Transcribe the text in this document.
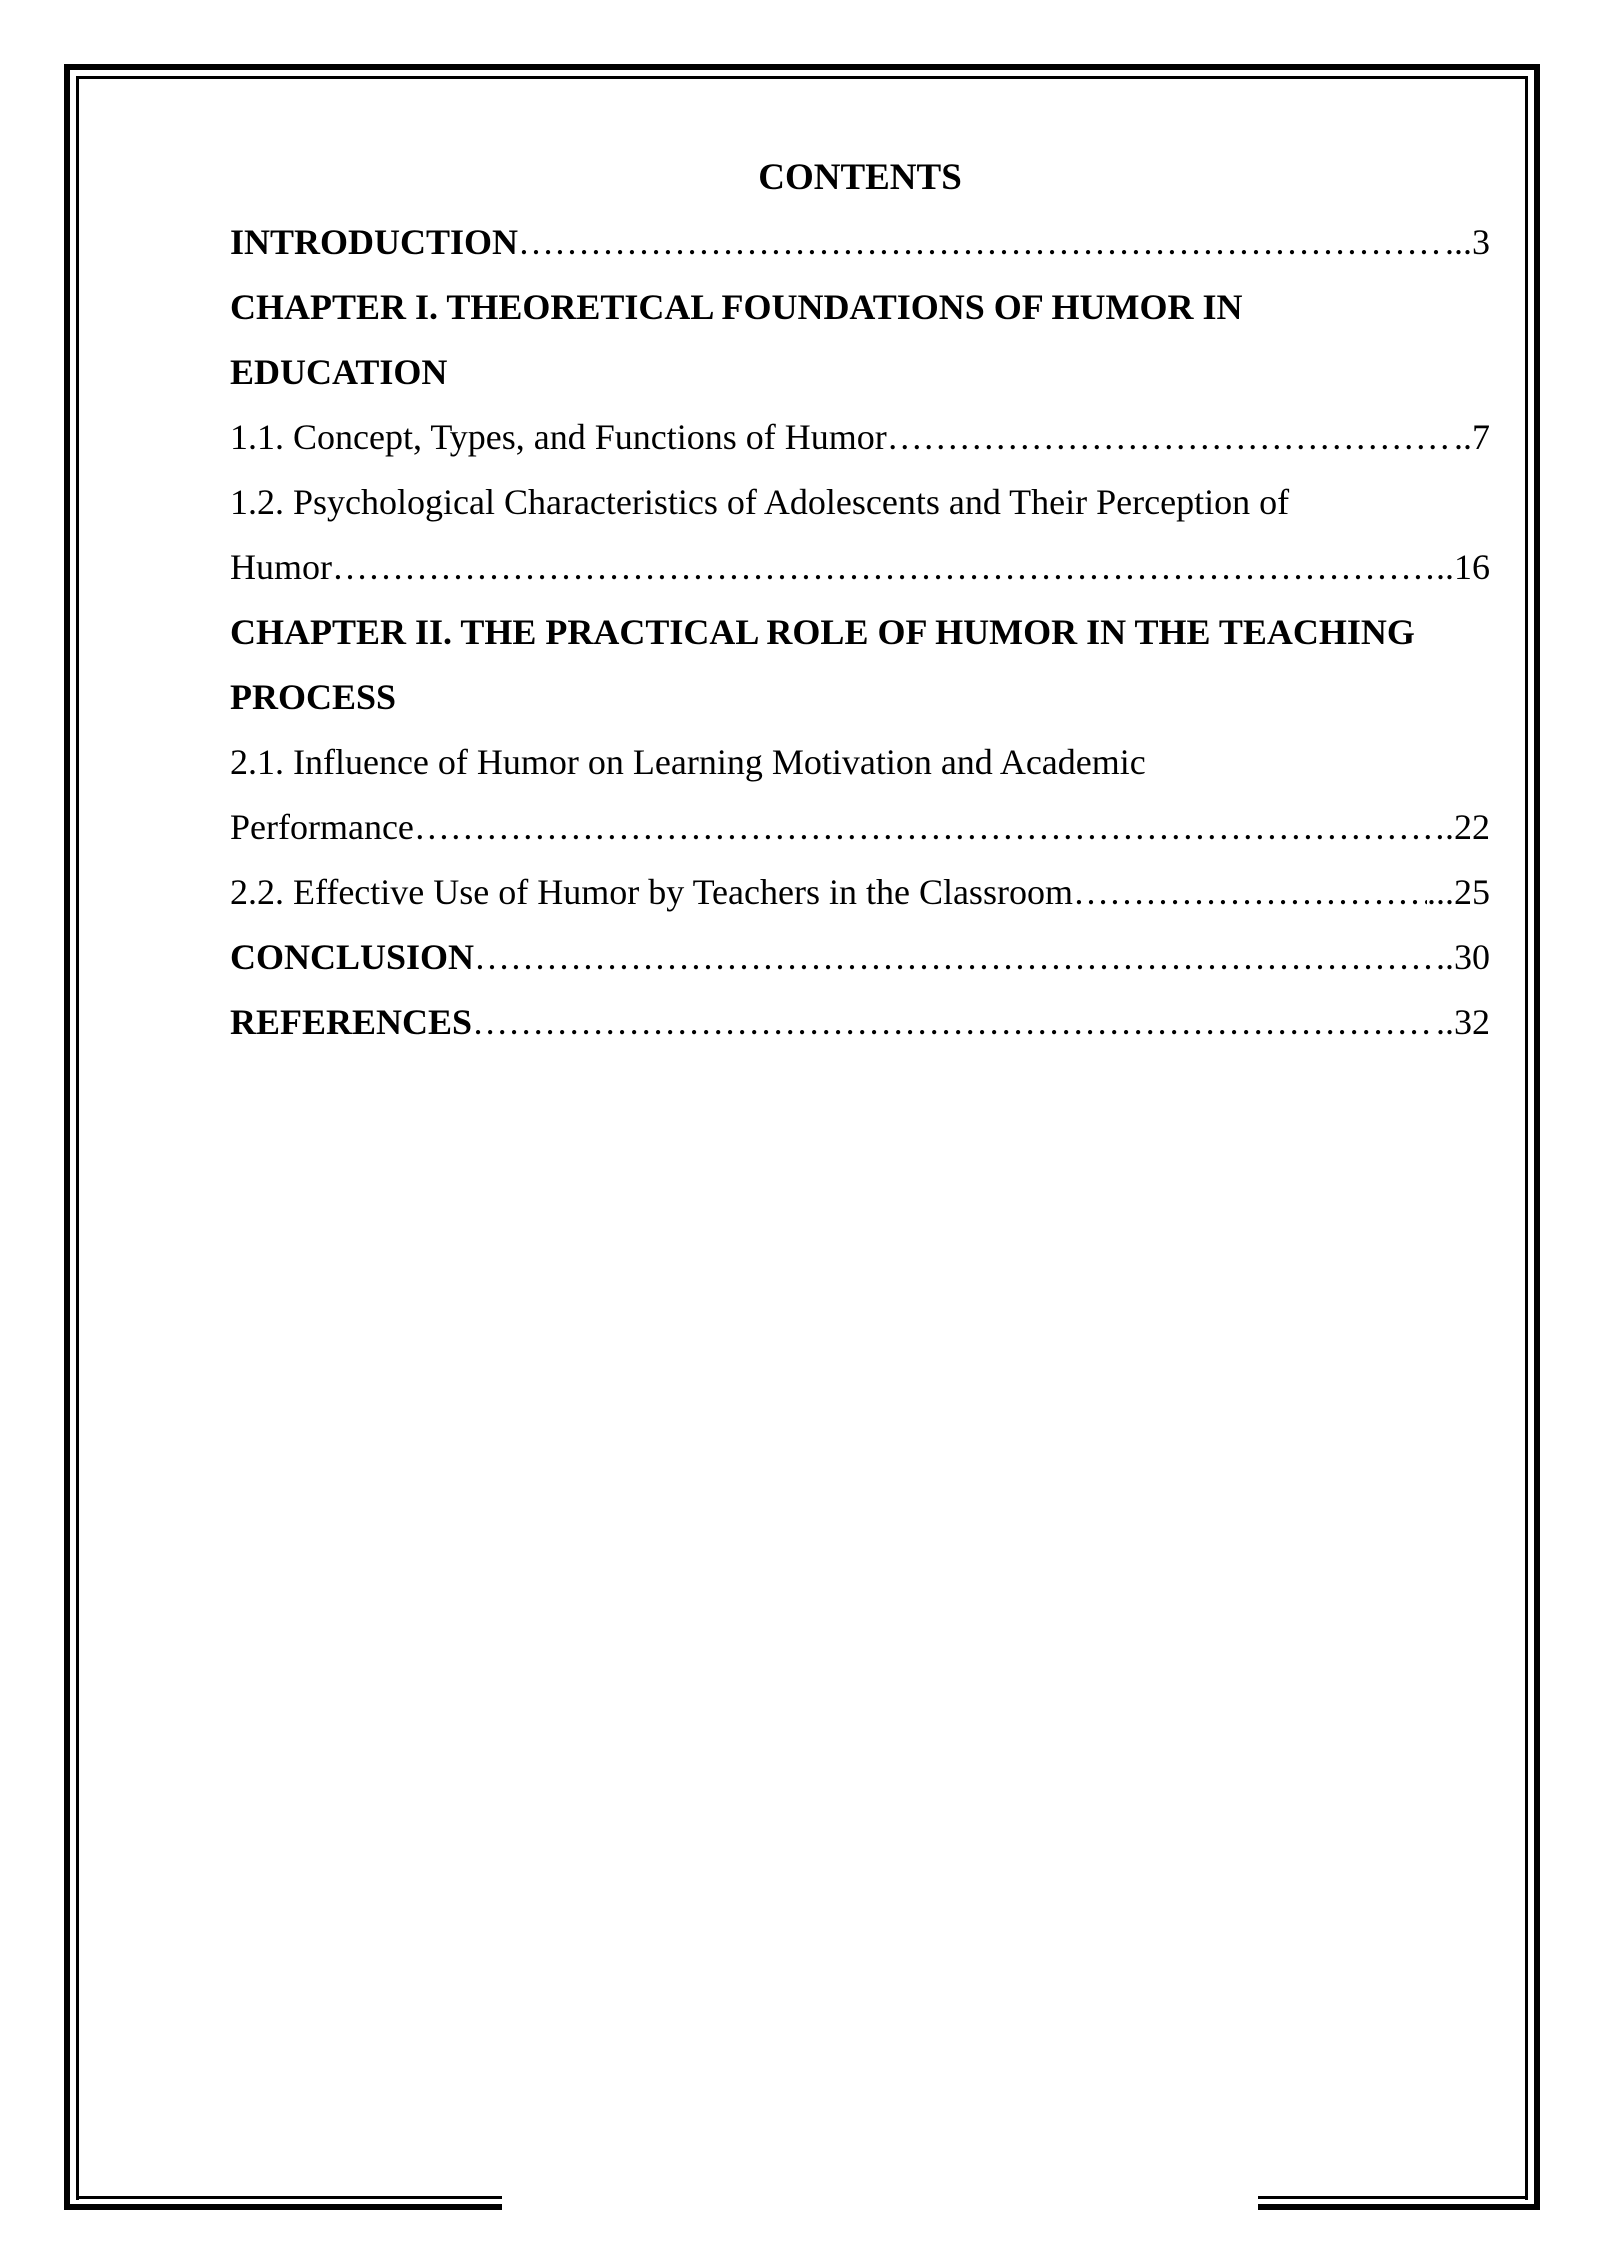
CONTENTS
INTRODUCTION …………………………………………………………………………………………………………………………………………………………………………	...3
CHAPTER I. THEORETICAL FOUNDATIONS OF HUMOR IN
EDUCATION
1.1. Concept, Types, and Functions of Humor …………………………………………………………………………………………………………………………………………………………………………	..7
1.2. Psychological Characteristics of Adolescents and Their Perception of
Humor …………………………………………………………………………………………………………………………………………………………………………	..16
CHAPTER II. THE PRACTICAL ROLE OF HUMOR IN THE TEACHING
PROCESS
2.1. Influence of Humor on Learning Motivation and Academic
Performance …………………………………………………………………………………………………………………………………………………………………………	.22
2.2. Effective Use of Humor by Teachers in the Classroom …………………………………………………………………………………………………………………………………………………………………………	...25
CONCLUSION …………………………………………………………………………………………………………………………………………………………………………	..30
REFERENCES …………………………………………………………………………………………………………………………………………………………………………	..32
